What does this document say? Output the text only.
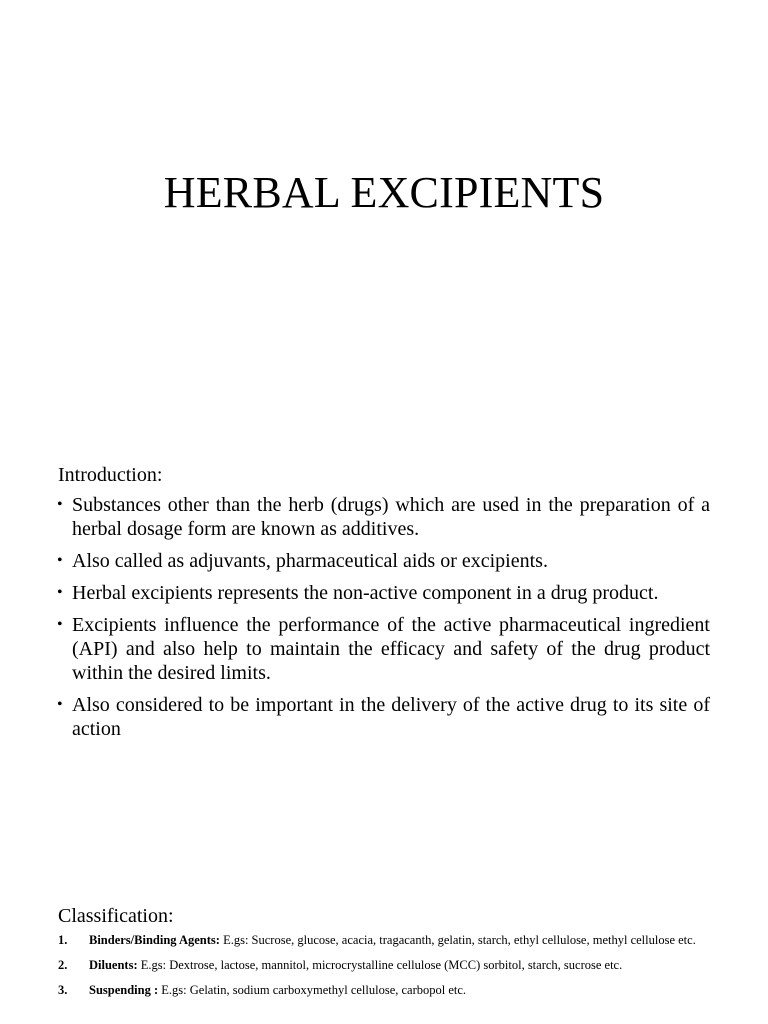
HERBAL EXCIPIENTS
Introduction:
• Substances other than the herb (drugs) which are used in the preparation of a herbal dosage form are known as additives.
• Also called as adjuvants, pharmaceutical aids or excipients.
• Herbal excipients represents the non-active component in a drug product.
• Excipients influence the performance of the active pharmaceutical ingredient (API) and also help to maintain the efficacy and safety of the drug product within the desired limits.
• Also considered to be important in the delivery of the active drug to its site of action
Classification:
1. Binders/Binding Agents: E.gs: Sucrose, glucose, acacia, tragacanth, gelatin, starch, ethyl cellulose, methyl cellulose etc.
2. Diluents: E.gs: Dextrose, lactose, mannitol, microcrystalline cellulose (MCC) sorbitol, starch, sucrose etc.
3. Suspending : E.gs: Gelatin, sodium carboxymethyl cellulose, carbopol etc.
